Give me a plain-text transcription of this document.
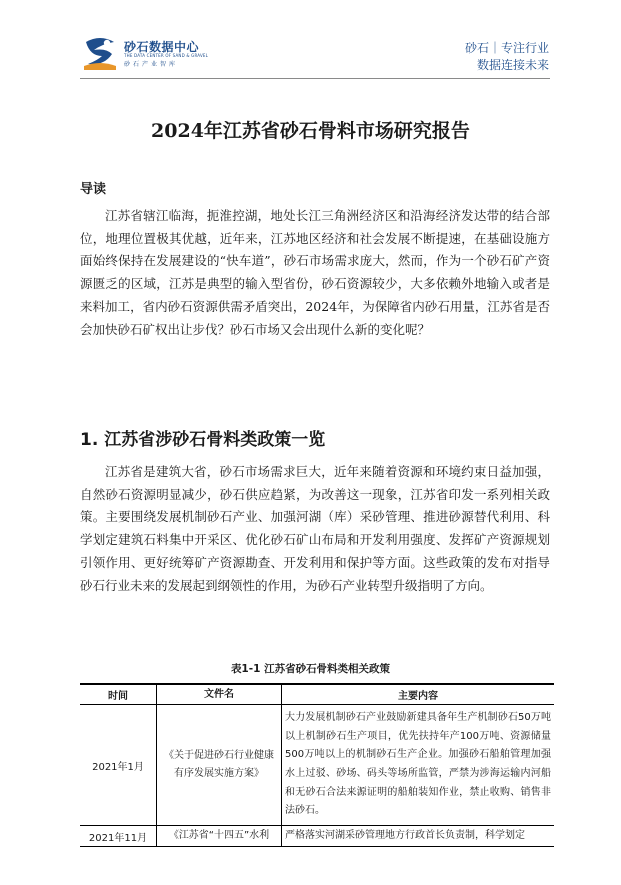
砂石数据中心
THE DATA CENTER OF SAND & GRAVEL
砂石产业智库
砂石｜专注行业
数据连接未来
2024年江苏省砂石骨料市场研究报告
导读

江苏省辖江临海，扼淮控湖，地处长江三角洲经济区和沿海经济发达带的结合部位，地理位置极其优越，近年来，江苏地区经济和社会发展不断提速，在基础设施方面始终保持在发展建设的“快车道”，砂石市场需求庞大，然而，作为一个砂石矿产资源匮乏的区域，江苏是典型的输入型省份，砂石资源较少，大多依赖外地输入或者是来料加工，省内砂石资源供需矛盾突出，2024年，为保障省内砂石用量，江苏省是否会加快砂石矿权出让步伐？砂石市场又会出现什么新的变化呢？

1. 江苏省涉砂石骨料类政策一览

江苏省是建筑大省，砂石市场需求巨大，近年来随着资源和环境约束日益加强，自然砂石资源明显减少，砂石供应趋紧，为改善这一现象，江苏省印发一系列相关政策。主要围绕发展机制砂石产业、加强河湖（库）采砂管理、推进砂源替代利用、科学划定建筑石料集中开采区、优化砂石矿山布局和开发利用强度、发挥矿产资源规划引领作用、更好统筹矿产资源勘查、开发利用和保护等方面。这些政策的发布对指导砂石行业未来的发展起到纲领性的作用，为砂石产业转型升级指明了方向。

表1-1 江苏省砂石骨料类相关政策
时间	文件名	主要内容
2021年1月	《关于促进砂石行业健康有序发展实施方案》	大力发展机制砂石产业鼓励新建具备年生产机制砂石50万吨以上机制砂石生产项目，优先扶持年产100万吨、资源储量500万吨以上的机制砂石生产企业。加强砂石船舶管理加强水上过驳、砂场、码头等场所监管，严禁为涉海运输内河船和无砂石合法来源证明的船舶装知作业，禁止收购、销售非法砂石。
2021年11月	《江苏省“十四五”水利	严格落实河湖采砂管理地方行政首长负责制，科学划定
